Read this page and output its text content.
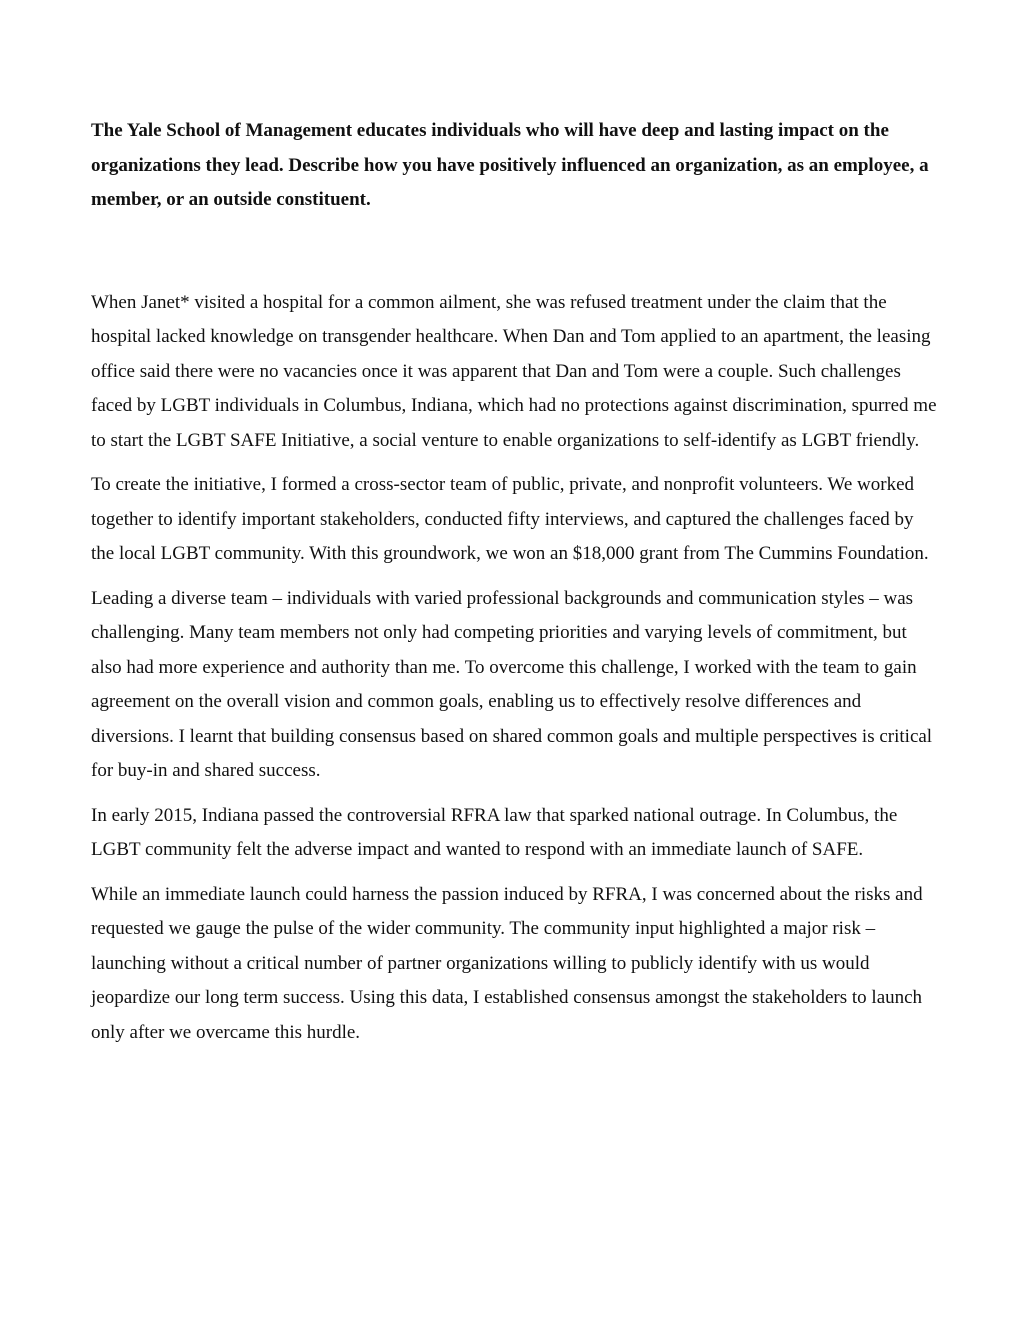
The Yale School of Management educates individuals who will have deep and lasting impact on the organizations they lead. Describe how you have positively influenced an organization, as an employee, a member, or an outside constituent.

When Janet* visited a hospital for a common ailment, she was refused treatment under the claim that the hospital lacked knowledge on transgender healthcare. When Dan and Tom applied to an apartment, the leasing office said there were no vacancies once it was apparent that Dan and Tom were a couple. Such challenges faced by LGBT individuals in Columbus, Indiana, which had no protections against discrimination, spurred me to start the LGBT SAFE Initiative, a social venture to enable organizations to self-identify as LGBT friendly.

To create the initiative, I formed a cross-sector team of public, private, and nonprofit volunteers. We worked together to identify important stakeholders, conducted fifty interviews, and captured the challenges faced by the local LGBT community. With this groundwork, we won an $18,000 grant from The Cummins Foundation.

Leading a diverse team – individuals with varied professional backgrounds and communication styles – was challenging. Many team members not only had competing priorities and varying levels of commitment, but also had more experience and authority than me. To overcome this challenge, I worked with the team to gain agreement on the overall vision and common goals, enabling us to effectively resolve differences and diversions. I learnt that building consensus based on shared common goals and multiple perspectives is critical for buy-in and shared success.

In early 2015, Indiana passed the controversial RFRA law that sparked national outrage. In Columbus, the LGBT community felt the adverse impact and wanted to respond with an immediate launch of SAFE.

While an immediate launch could harness the passion induced by RFRA, I was concerned about the risks and requested we gauge the pulse of the wider community. The community input highlighted a major risk – launching without a critical number of partner organizations willing to publicly identify with us would jeopardize our long term success. Using this data, I established consensus amongst the stakeholders to launch only after we overcame this hurdle.
